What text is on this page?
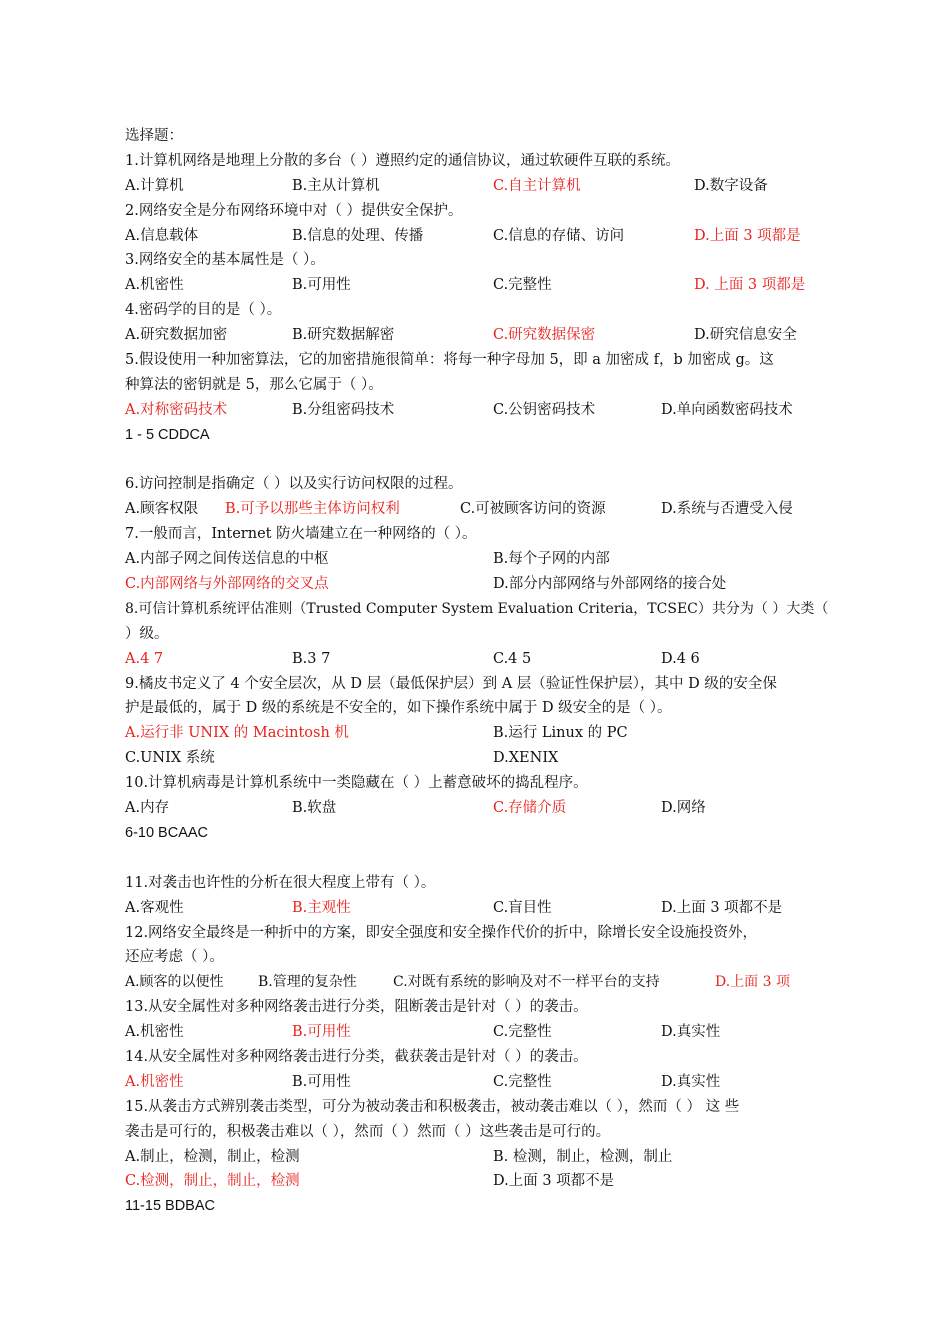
选择题：
1.计算机网络是地理上分散的多台（ ）遵照约定的通信协议，通过软硬件互联的系统。
A.计算机	B.主从计算机	C.自主计算机	D.数字设备
2.网络安全是分布网络环境中对（ ）提供安全保护。
A.信息载体	B.信息的处理、传播	C.信息的存储、访问	D.上面 3 项都是
3.网络安全的基本属性是（ ）。
A.机密性	B.可用性	C.完整性	D. 上面 3 项都是
4.密码学的目的是（ ）。
A.研究数据加密	B.研究数据解密	C.研究数据保密	D.研究信息安全
5.假设使用一种加密算法，它的加密措施很简单：将每一种字母加 5，即 a 加密成 f，b 加密成 g。这
种算法的密钥就是 5，那么它属于（ ）。
A.对称密码技术	B.分组密码技术	C.公钥密码技术	D.单向函数密码技术
1 - 5 CDDCA
6.访问控制是指确定（ ）以及实行访问权限的过程。
A.顾客权限 B.可予以那些主体访问权利	C.可被顾客访问的资源	D.系统与否遭受入侵
7.一般而言，Internet 防火墙建立在一种网络的（ ）。
A.内部子网之间传送信息的中枢	B.每个子网的内部
C.内部网络与外部网络的交叉点	D.部分内部网络与外部网络的接合处
8.可信计算机系统评估准则（Trusted Computer System Evaluation Criteria，TCSEC）共分为（ ）大类（
）级。
A.4 7	B.3 7	C.4 5	D.4 6
9.橘皮书定义了 4 个安全层次，从 D 层（最低保护层）到 A 层（验证性保护层），其中 D 级的安全保
护是最低的，属于 D 级的系统是不安全的，如下操作系统中属于 D 级安全的是（ ）。
A.运行非 UNIX 的 Macintosh 机	B.运行 Linux 的 PC
C.UNIX 系统	D.XENIX
10.计算机病毒是计算机系统中一类隐藏在（ ）上蓄意破坏的捣乱程序。
A.内存	B.软盘	C.存储介质	D.网络
6-10 BCAAC
11.对袭击也许性的分析在很大程度上带有（ ）。
A.客观性	B.主观性	C.盲目性	D.上面 3 项都不是
12.网络安全最终是一种折中的方案，即安全强度和安全操作代价的折中，除增长安全设施投资外，
还应考虑（ ）。
A.顾客的以便性 B.管理的复杂性	C.对既有系统的影响及对不一样平台的支持	D.上面 3 项
13.从安全属性对多种网络袭击进行分类，阻断袭击是针对（ ）的袭击。
A.机密性	B.可用性	C.完整性	D.真实性
14.从安全属性对多种网络袭击进行分类，截获袭击是针对（ ）的袭击。
A.机密性	B.可用性	C.完整性	D.真实性
15.从袭击方式辨别袭击类型，可分为被动袭击和积极袭击，被动袭击难以（ ），然而（ ） 这 些
袭击是可行的，积极袭击难以（ ），然而（ ）然而（ ）这些袭击是可行的。
A.制止，检测，制止，检测	B. 检测，制止，检测，制止
C.检测，制止，制止，检测	D.上面 3 项都不是
11-15 BDBAC
